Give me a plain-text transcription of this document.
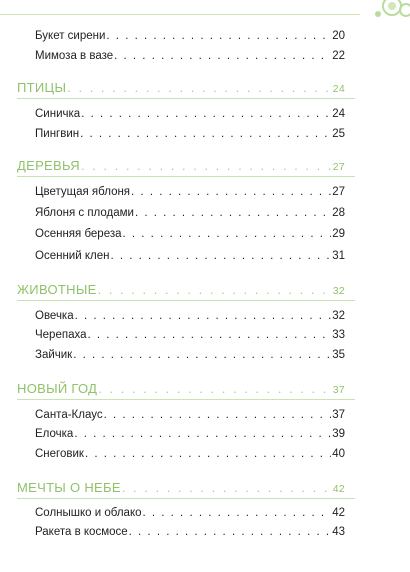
Букет сирени . . .	20
Мимоза в вазе . . .	22
ПТИЦЫ . . .	24
Синичка . . .	24
Пингвин . . .	25
ДЕРЕВЬЯ . . .	27
Цветущая яблоня . . .	27
Яблоня с плодами . . .	28
Осенняя береза . . .	29
Осенний клен . . .	31
ЖИВОТНЫЕ . . .	32
Овечка . . .	32
Черепаха . . .	33
Зайчик . . .	35
НОВЫЙ ГОД . . .	37
Санта-Клаус . . .	37
Елочка . . .	39
Снеговик . . .	40
МЕЧТЫ О НЕБЕ . . .	42
Солнышко и облако . . .	42
Ракета в космосе . . .	43
